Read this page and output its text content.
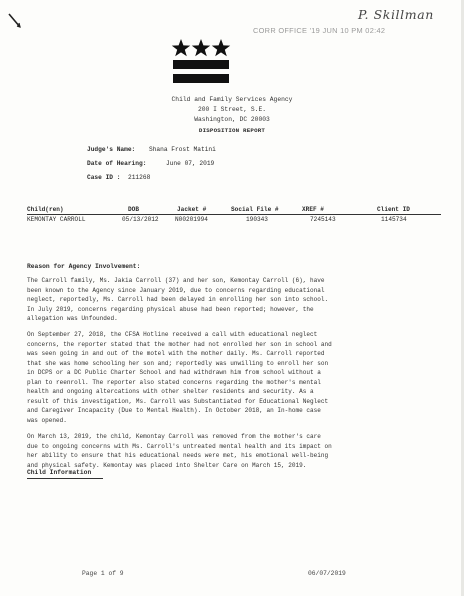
P. Skillman
CORR OFFICE '19 JUN 10 PM 02:42
Child and Family Services Agency
200 I Street, S.E.
Washington, DC 20003
DISPOSITION REPORT
Judge's Name: Shana Frost Matini
Date of Hearing:	June 07, 2019
Case ID : 211268
Child(ren)	DOB	Jacket #	Social File #	XREF #	Client ID
KEMONTAY CARROLL	05/13/2012	N00201994	190343	7245143	1145734
Reason for Agency Involvement:
The Carroll family, Ms. Jakia Carroll (37) and her son, Kemontay Carroll (6), have
been known to the Agency since January 2019, due to concerns regarding educational
neglect, reportedly, Ms. Carroll had been delayed in enrolling her son into school.
In July 2019, concerns regarding physical abuse had been reported; however, the
allegation was Unfounded.
On September 27, 2018, the CFSA Hotline received a call with educational neglect
concerns, the reporter stated that the mother had not enrolled her son in school and
was seen going in and out of the motel with the mother daily. Ms. Carroll reported
that she was home schooling her son and; reportedly was unwilling to enroll her son
in DCPS or a DC Public Charter School and had withdrawn him from school without a
plan to reenroll. The reporter also stated concerns regarding the mother's mental
health and ongoing altercations with other shelter residents and security. As a
result of this investigation, Ms. Carroll was Substantiated for Educational Neglect
and Caregiver Incapacity (Due to Mental Health). In October 2018, an In-home case
was opened.
On March 13, 2019, the child, Kemontay Carroll was removed from the mother's care
due to ongoing concerns with Ms. Carroll's untreated mental health and its impact on
her ability to ensure that his educational needs were met, his emotional well-being
and physical safety. Kemontay was placed into Shelter Care on March 15, 2019.
Child Information
Page 1 of 9	06/07/2019
